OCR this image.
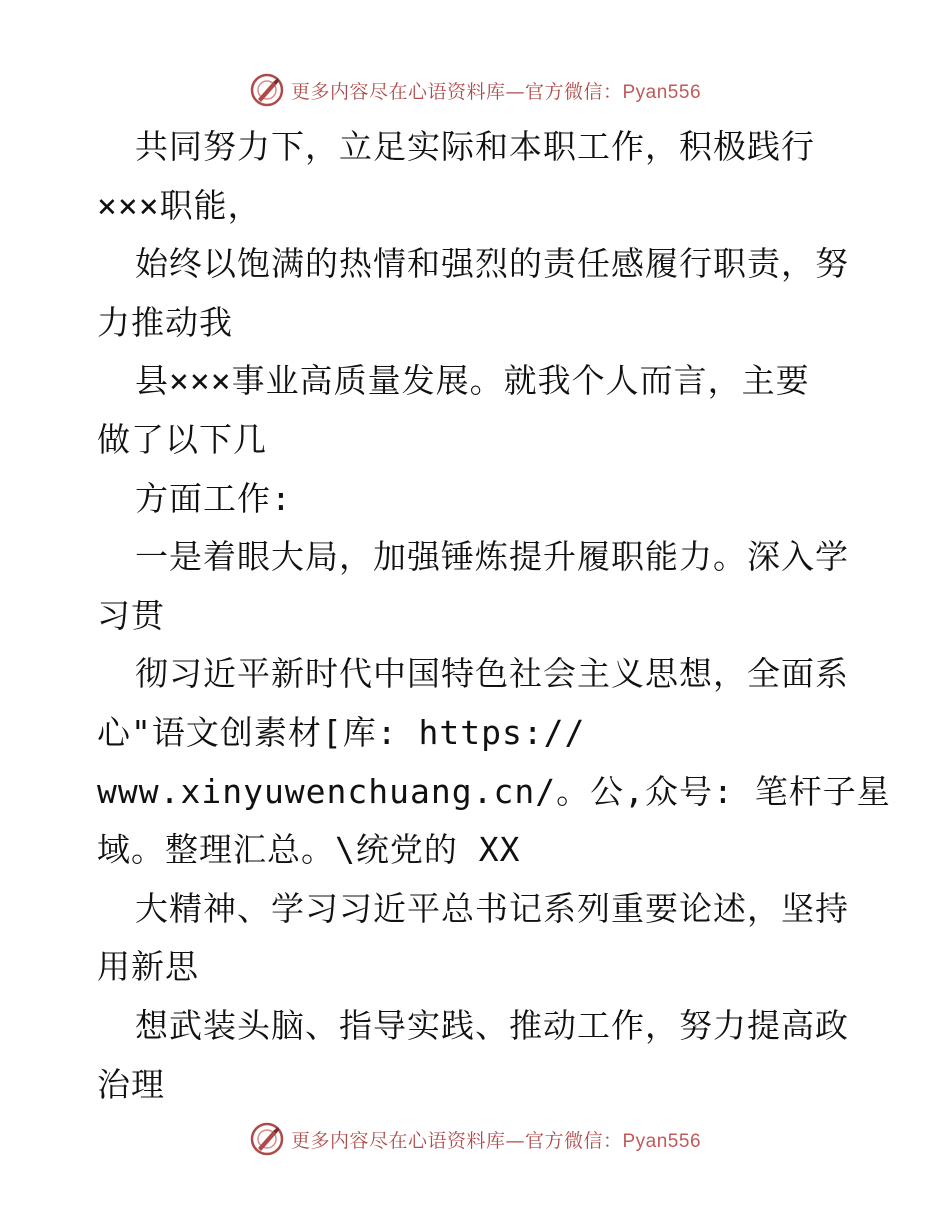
更多内容尽在心语资料库—官方微信：Pyan556
共同努力下，立足实际和本职工作，积极践行
×××职能，
始终以饱满的热情和强烈的责任感履行职责，努
力推动我
县×××事业高质量发展。就我个人而言，主要
做了以下几
方面工作:
一是着眼大局，加强锤炼提升履职能力。深入学
习贯
彻习近平新时代中国特色社会主义思想，全面系
心"语文创素材[库: https://
www.xinyuwenchuang.cn/。公,众号: 笔杆子星
域。整理汇总。\统党的 XX
大精神、学习习近平总书记系列重要论述，坚持
用新思
想武装头脑、指导实践、推动工作，努力提高政
治理
更多内容尽在心语资料库—官方微信：Pyan556
